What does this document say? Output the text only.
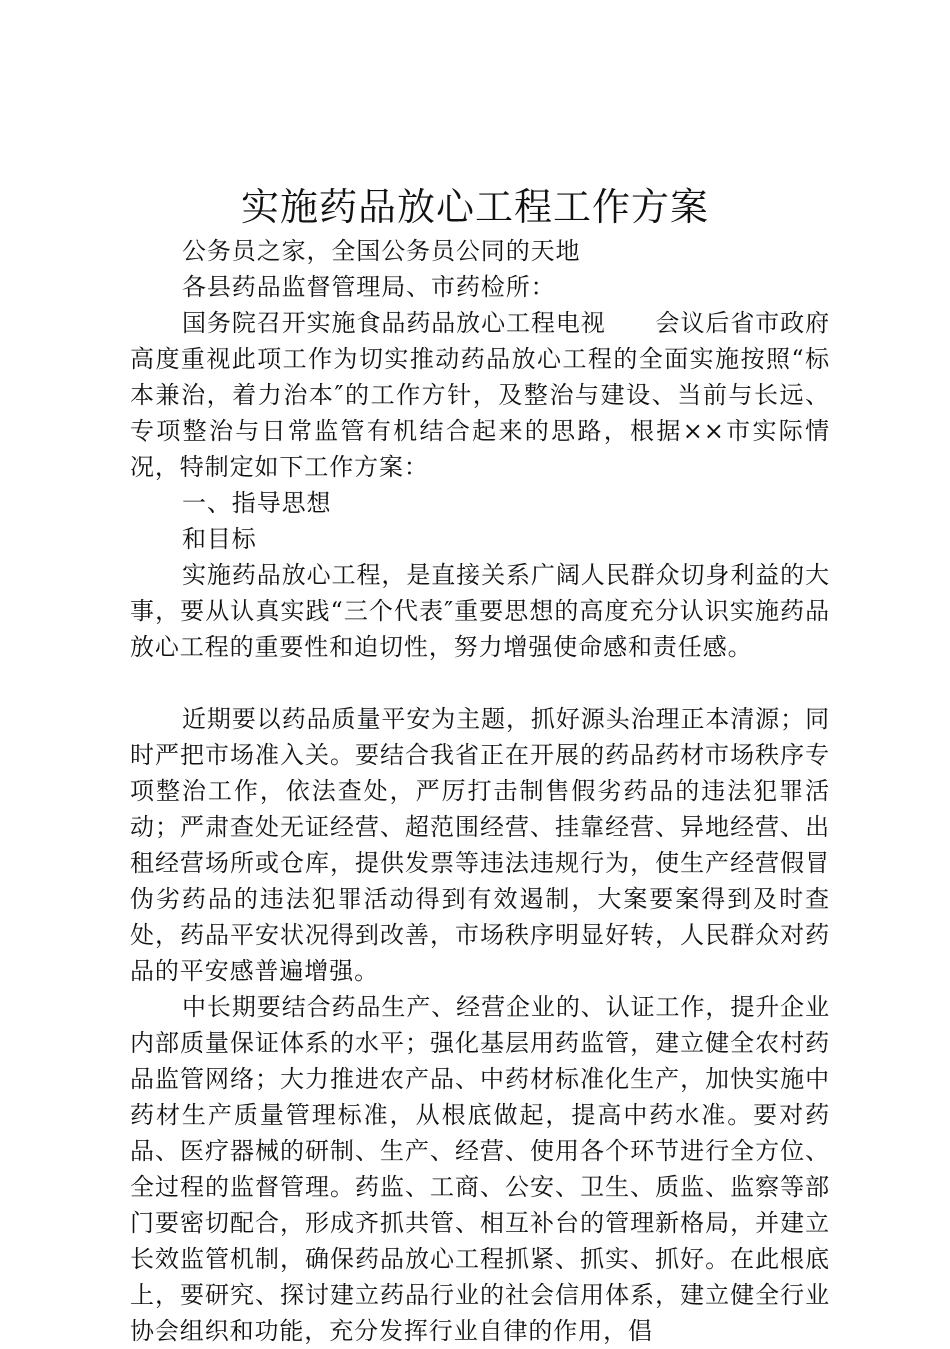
实施药品放心工程工作方案

公务员之家，全国公务员公同的天地

各县药品监督管理局、市药检所：

国务院召开实施食品药品放心工程电视　　会议后省市政府高度重视此项工作为切实推动药品放心工程的全面实施按照“标本兼治，着力治本″的工作方针，及整治与建设、当前与长远、专项整治与日常监管有机结合起来的思路，根据××市实际情况，特制定如下工作方案：

一、指导思想

和目标

实施药品放心工程，是直接关系广阔人民群众切身利益的大事，要从认真实践“三个代表″重要思想的高度充分认识实施药品放心工程的重要性和迫切性，努力增强使命感和责任感。

近期要以药品质量平安为主题，抓好源头治理正本清源；同时严把市场准入关。要结合我省正在开展的药品药材市场秩序专项整治工作，依法查处，严厉打击制售假劣药品的违法犯罪活动；严肃查处无证经营、超范围经营、挂靠经营、异地经营、出租经营场所或仓库，提供发票等违法违规行为，使生产经营假冒伪劣药品的违法犯罪活动得到有效遏制，大案要案得到及时查处，药品平安状况得到改善，市场秩序明显好转，人民群众对药品的平安感普遍增强。

中长期要结合药品生产、经营企业的、认证工作，提升企业内部质量保证体系的水平；强化基层用药监管，建立健全农村药品监管网络；大力推进农产品、中药材标准化生产，加快实施中药材生产质量管理标准，从根底做起，提高中药水准。要对药品、医疗器械的研制、生产、经营、使用各个环节进行全方位、全过程的监督管理。药监、工商、公安、卫生、质监、监察等部门要密切配合，形成齐抓共管、相互补台的管理新格局，并建立长效监管机制，确保药品放心工程抓紧、抓实、抓好。在此根底上，要研究、探讨建立药品行业的社会信用体系，建立健全行业协会组织和功能，充分发挥行业自律的作用，倡
